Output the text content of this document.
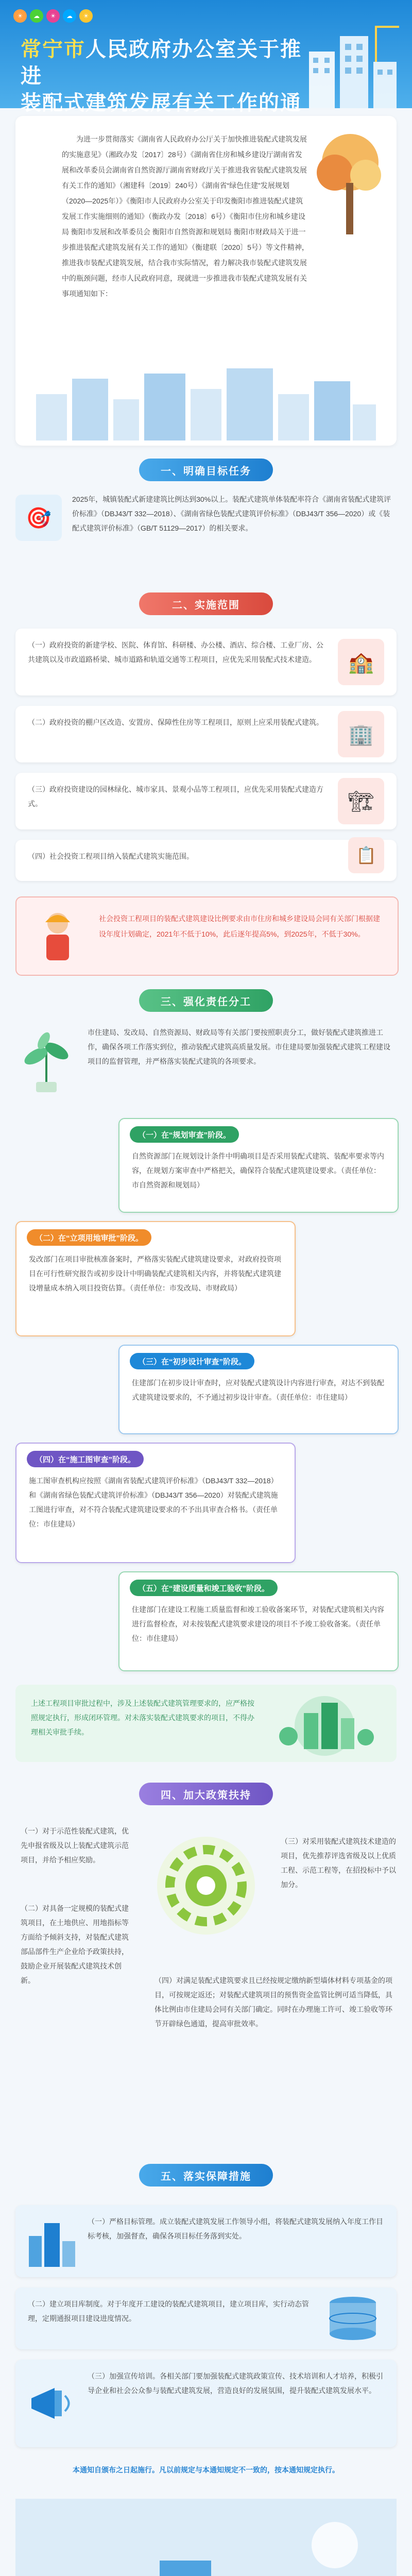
☀	☁	☀	☁	☀
常宁市人民政府办公室关于推进
装配式建筑发展有关工作的通
为进一步贯彻落实《湖南省人民政府办公厅关于加快推进装配式建筑发展的实施意见》（湘政办发〔2017〕28号）《湖南省住房和城乡建设厅湖南省发展和改革委员会湖南省自然资源厅湖南省财政厅关于推进我省装配式建筑发展有关工作的通知》（湘建科〔2019〕240号）《湖南省“绿色住建”发展规划（2020—2025年）》《衡阳市人民政府办公室关于印发衡阳市推进装配式建筑发展工作实施细则的通知》（衡政办发〔2018〕6号）《衡阳市住房和城乡建设局 衡阳市发展和改革委员会 衡阳市自然资源和规划局 衡阳市财政局关于进一步推进装配式建筑发展有关工作的通知》（衡建联〔2020〕5号）等文件精神，推进我市装配式建筑发展，结合我市实际情况，着力解决我市装配式建筑发展中的瓶颈问题，经市人民政府同意，现就进一步推进我市装配式建筑发展有关事项通知如下：
一、明确目标任务
🎯
2025年，城镇装配式新建建筑比例达到30%以上。装配式建筑单体装配率符合《湖南省装配式建筑评价标准》（DBJ43/T 332—2018）、《湖南省绿色装配式建筑评价标准》（DBJ43/T 356—2020）或《装配式建筑评价标准》（GB/T 51129—2017）的相关要求。
二、实施范围
（一）政府投资的新建学校、医院、体育馆、科研楼、办公楼、酒店、综合楼、工业厂房、公共建筑以及市政道路桥梁、城市道路和轨道交通等工程项目，应优先采用装配式技术建造。	🏫
（二）政府投资的棚户区改造、安置房、保障性住房等工程项目，原则上应采用装配式建筑。
🏢
（三）政府投资建设的园林绿化、城市家具、景观小品等工程项目，应优先采用装配式建造方式。	🏗
（四）社会投资工程项目纳入装配式建筑实施范围。	📋
社会投资工程项目的装配式建筑建设比例要求由市住房和城乡建设局会同有关部门根据建设年度计划确定，2021年不低于10%，此后逐年提高5%，到2025年，不低于30%。
三、强化责任分工
市住建局、发改局、自然资源局、财政局等有关部门要按照职责分工，做好装配式建筑推进工作，确保各项工作落实到位，推动装配式建筑高质量发展。市住建局要加强装配式建筑工程建设项目的监督管理，并严格落实装配式建筑的各项要求。
（一）在“规划审查”阶段。
自然资源部门在规划设计条件中明确项目是否采用装配式建筑、装配率要求等内容，在规划方案审查中严格把关，确保符合装配式建筑建设要求。（责任单位：市自然资源和规划局）
（二）在“立项用地审批”阶段。
发改部门在项目审批核准备案时，严格落实装配式建筑建设要求，对政府投资项目在可行性研究报告或初步设计中明确装配式建筑相关内容，并将装配式建筑建设增量成本纳入项目投资估算。（责任单位：市发改局、市财政局）
（三）在“初步设计审查”阶段。
住建部门在初步设计审查时，应对装配式建筑设计内容进行审查，对达不到装配式建筑建设要求的，不予通过初步设计审查。（责任单位：市住建局）
（四）在“施工图审查”阶段。
施工图审查机构应按照《湖南省装配式建筑评价标准》（DBJ43/T 332—2018）和《湖南省绿色装配式建筑评价标准》（DBJ43/T 356—2020）对装配式建筑施工图进行审查，对不符合装配式建筑建设要求的不予出具审查合格书。（责任单位：市住建局）
（五）在“建设质量和竣工验收”阶段。
住建部门在建设工程施工质量监督和竣工验收备案环节，对装配式建筑相关内容进行监督检查，对未按装配式建筑要求建设的项目不予竣工验收备案。（责任单位：市住建局）
上述工程项目审批过程中，涉及上述装配式建筑管理要求的，应严格按照规定执行，形成闭环管理。对未落实装配式建筑要求的项目，不得办理相关审批手续。
四、加大政策扶持
（一）对于示范性装配式建筑，优先申报省级及以上装配式建筑示范项目，并给予相应奖励。
（二）对具备一定规模的装配式建筑项目，在土地供应、用地指标等方面给予倾斜支持，对装配式建筑部品部件生产企业给予政策扶持，鼓励企业开展装配式建筑技术创新。
（三）对采用装配式建筑技术建造的项目，优先推荐评选省级及以上优质工程、示范工程等，在招投标中予以加分。
（四）对满足装配式建筑要求且已经按规定缴纳新型墙体材料专项基金的项目，可按规定返还；对装配式建筑项目的预售资金监管比例可适当降低，具体比例由市住建局会同有关部门确定。同时在办理施工许可、竣工验收等环节开辟绿色通道，提高审批效率。
五、落实保障措施
（一）严格目标管理。成立装配式建筑发展工作领导小组，将装配式建筑发展纳入年度工作目标考核，加强督查，确保各项目标任务落到实处。
（二）建立项目库制度。对于年度开工建设的装配式建筑项目，建立项目库，实行动态管理，定期通报项目建设进度情况。
（三）加强宣传培训。各相关部门要加强装配式建筑政策宣传、技术培训和人才培养，积极引导企业和社会公众参与装配式建筑发展，营造良好的发展氛围，提升装配式建筑发展水平。
本通知自颁布之日起施行。凡以前规定与本通知规定不一致的，按本通知规定执行。
